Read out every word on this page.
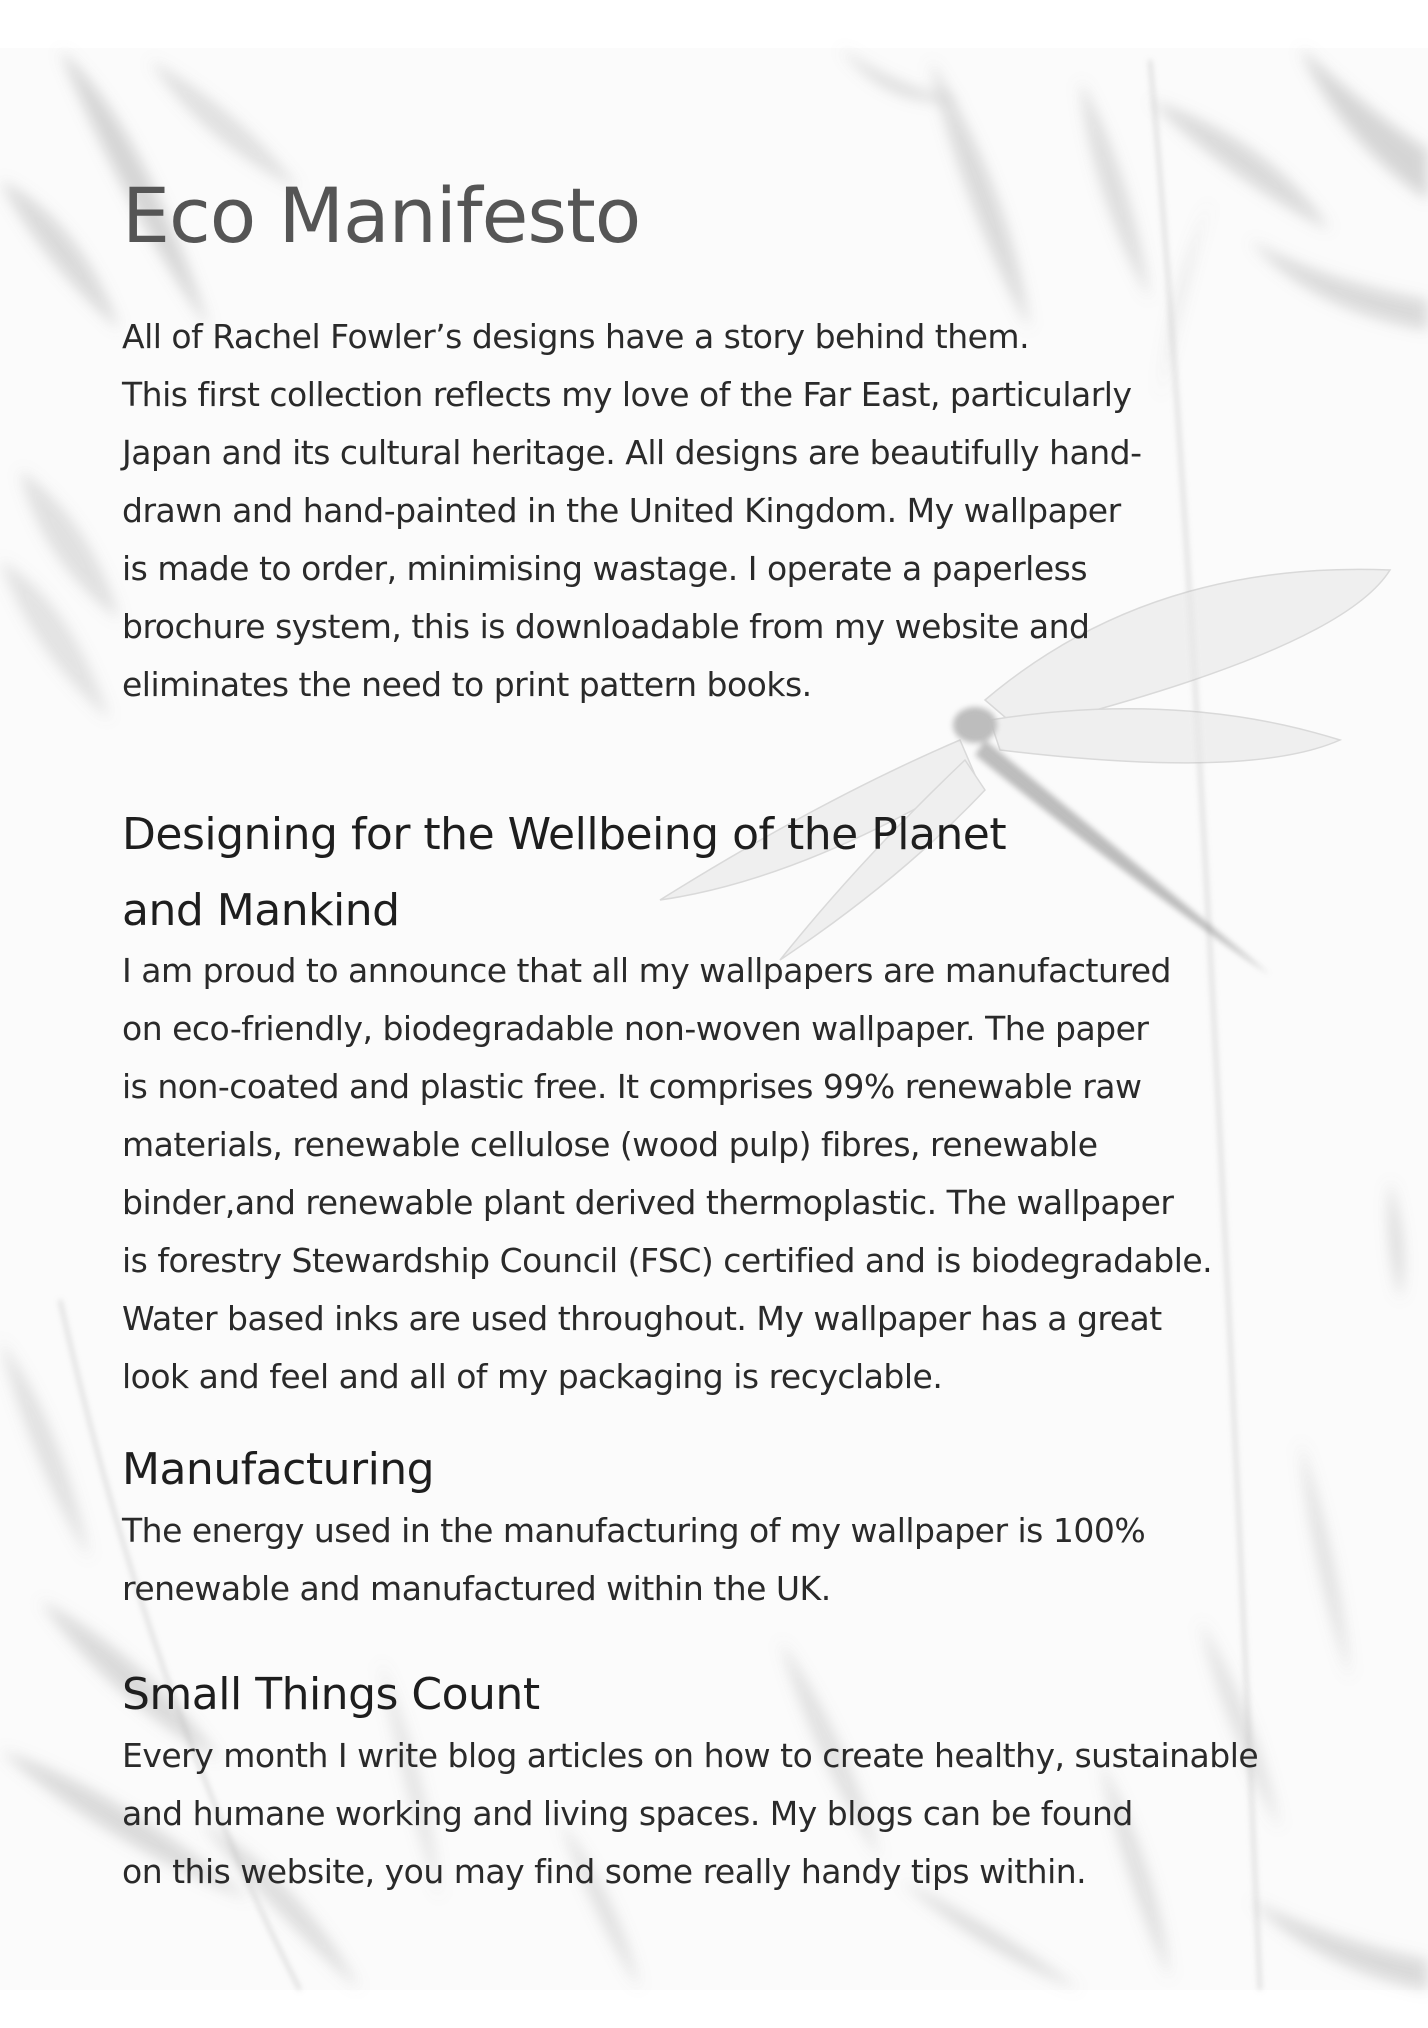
Eco Manifesto
All of Rachel Fowler’s designs have a story behind them.
This first collection reflects my love of the Far East, particularly
Japan and its cultural heritage. All designs are beautifully hand-
drawn and hand-painted in the United Kingdom. My wallpaper
is made to order, minimising wastage. I operate a paperless
brochure system, this is downloadable from my website and
eliminates the need to print pattern books.
Designing for the Wellbeing of the Planet
and Mankind
I am proud to announce that all my wallpapers are manufactured
on eco-friendly, biodegradable non-woven wallpaper. The paper
is non-coated and plastic free. It comprises 99% renewable raw
materials, renewable cellulose (wood pulp) fibres, renewable
binder,and renewable plant derived thermoplastic. The wallpaper
is forestry Stewardship Council (FSC) certified and is biodegradable.
Water based inks are used throughout. My wallpaper has a great
look and feel and all of my packaging is recyclable.
Manufacturing
The energy used in the manufacturing of my wallpaper is 100%
renewable and manufactured within the UK.
Small Things Count
Every month I write blog articles on how to create healthy, sustainable
and humane working and living spaces. My blogs can be found
on this website, you may find some really handy tips within.
